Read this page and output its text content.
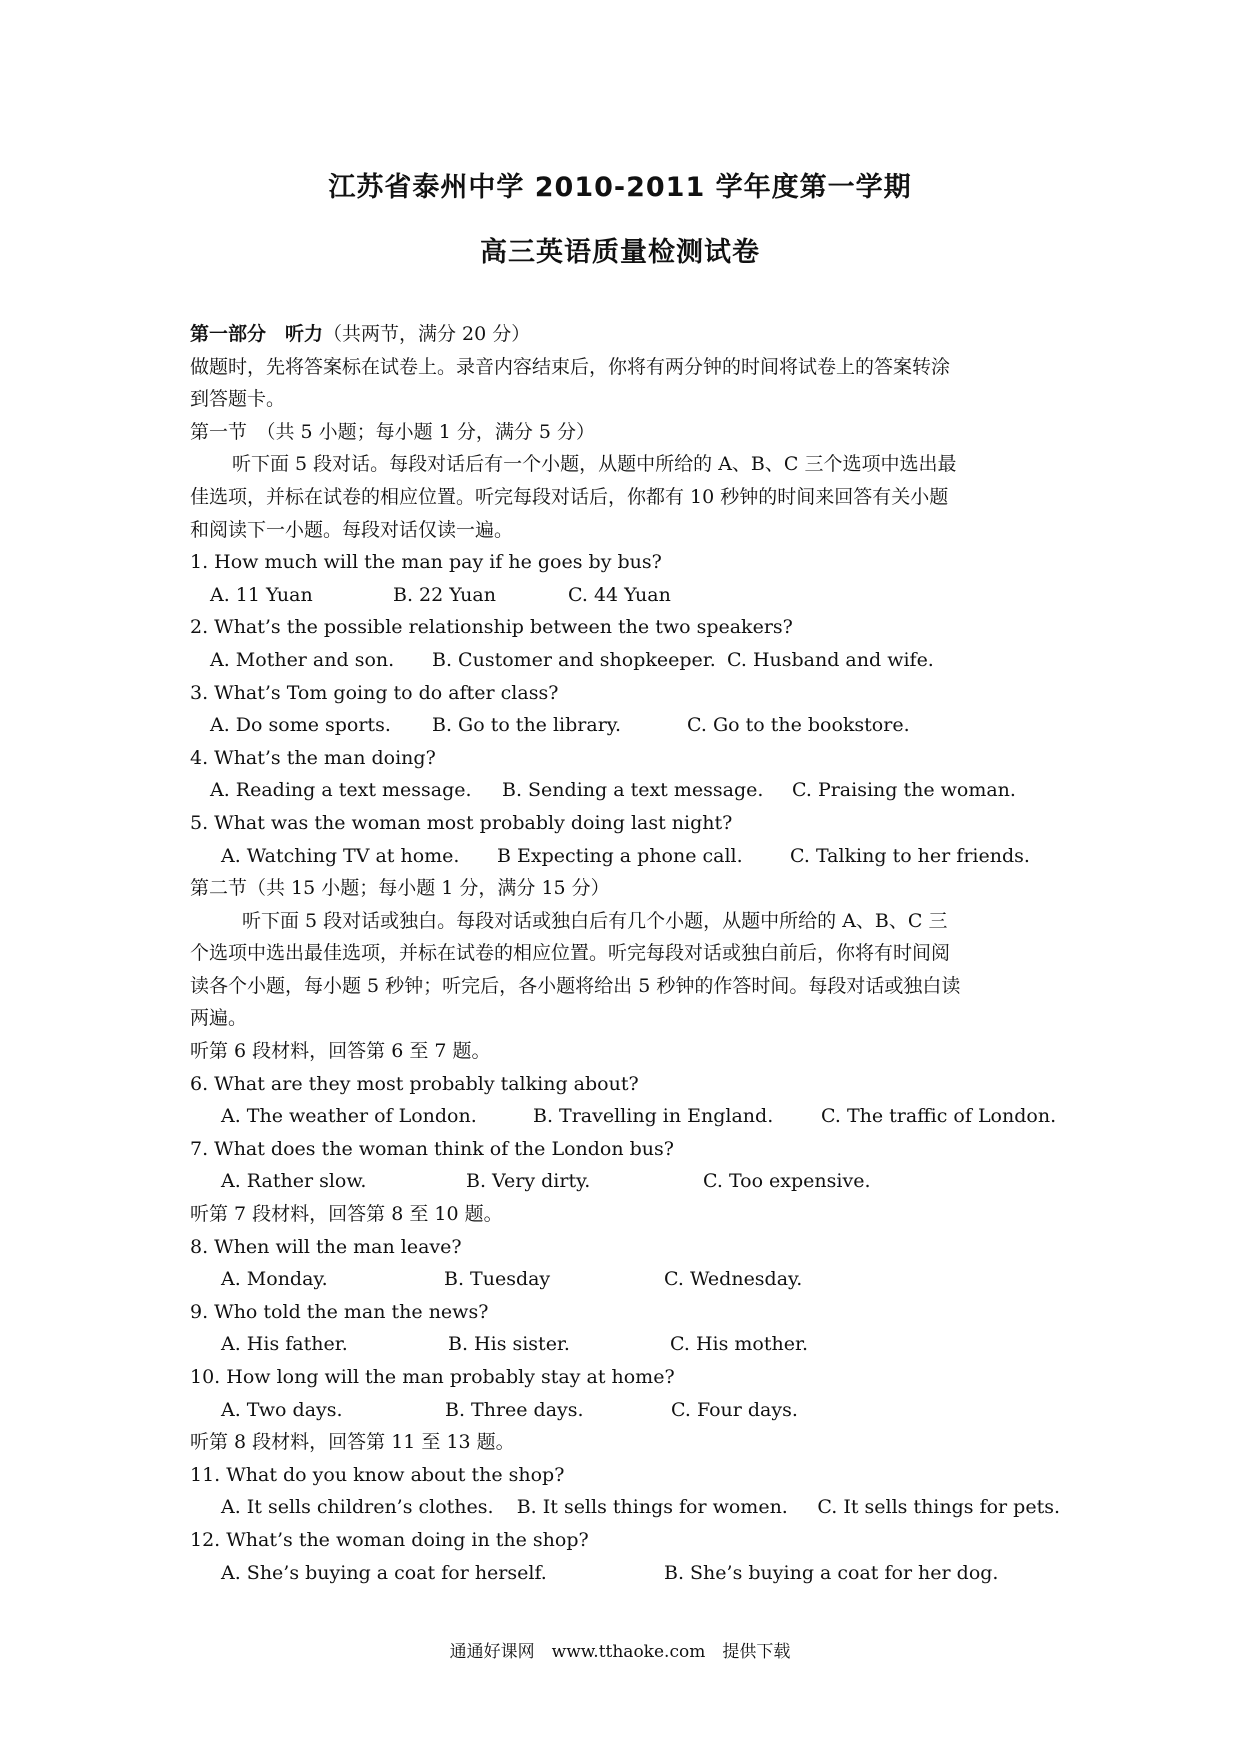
江苏省泰州中学 2010-2011 学年度第一学期
高三英语质量检测试卷
第一部分　听力（共两节，满分 20 分）
做题时，先将答案标在试卷上。录音内容结束后，你将有两分钟的时间将试卷上的答案转涂
到答题卡。
第一节　（共 5 小题；每小题 1 分，满分 5 分）
听下面 5 段对话。每段对话后有一个小题，从题中所给的 A、B、C 三个选项中选出最
佳选项，并标在试卷的相应位置。听完每段对话后，你都有 10 秒钟的时间来回答有关小题
和阅读下一小题。每段对话仅读一遍。
1. How much will the man pay if he goes by bus?
A. 11 Yuan	B. 22 Yuan	C. 44 Yuan
2. What’s the possible relationship between the two speakers?
A. Mother and son.	B. Customer and shopkeeper. C. Husband and wife.
3. What’s Tom going to do after class?
A. Do some sports.	B. Go to the library.	C. Go to the bookstore.
4. What’s the man doing?
A. Reading a text message.	B. Sending a text message.	C. Praising the woman.
5. What was the woman most probably doing last night?
A. Watching TV at home.	B Expecting a phone call.	C. Talking to her friends.
第二节（共 15 小题；每小题 1 分，满分 15 分）
听下面 5 段对话或独白。每段对话或独白后有几个小题，从题中所给的 A、B、C 三
个选项中选出最佳选项，并标在试卷的相应位置。听完每段对话或独白前后，你将有时间阅
读各个小题，每小题 5 秒钟；听完后，各小题将给出 5 秒钟的作答时间。每段对话或独白读
两遍。
听第 6 段材料，回答第 6 至 7 题。
6. What are they most probably talking about?
A. The weather of London.	B. Travelling in England.	C. The traffic of London.
7. What does the woman think of the London bus?
A. Rather slow.	B. Very dirty.	C. Too expensive.
听第 7 段材料，回答第 8 至 10 题。
8. When will the man leave?
A. Monday.	B. Tuesday	C. Wednesday.
9. Who told the man the news?
A. His father.	B. His sister.	C. His mother.
10. How long will the man probably stay at home?
A. Two days.	B. Three days.	C. Four days.
听第 8 段材料，回答第 11 至 13 题。
11. What do you know about the shop?
A. It sells children’s clothes.	B. It sells things for women.	C. It sells things for pets.
12. What’s the woman doing in the shop?
A. She’s buying a coat for herself.	B. She’s buying a coat for her dog.
通通好课网　www.tthaoke.com　提供下载
